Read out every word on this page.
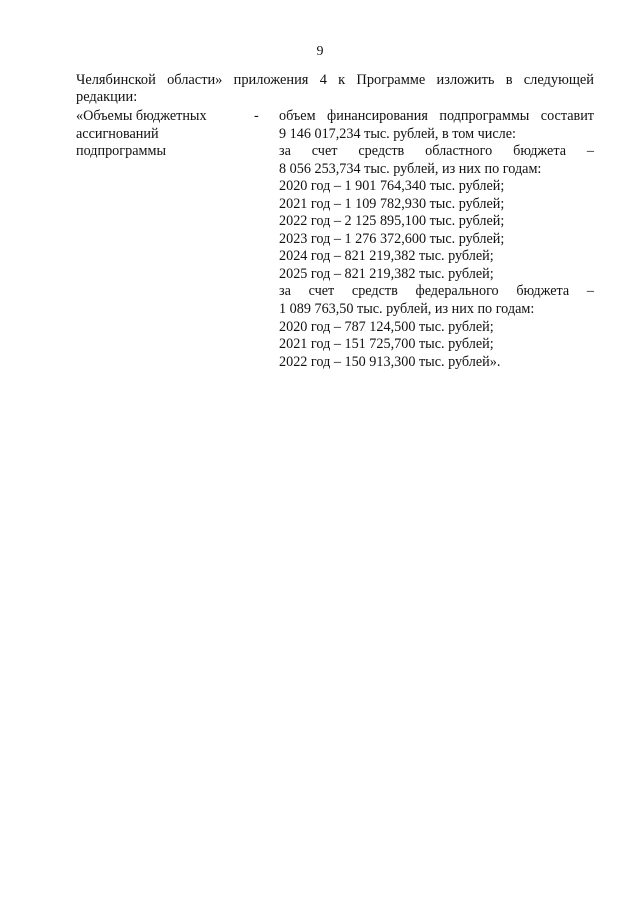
9
Челябинской области» приложения 4 к Программе изложить в следующей
редакции:
«Объемы бюджетных
ассигнований
подпрограммы
-	объем финансирования подпрограммы составит
9 146 017,234 тыс. рублей, в том числе:
за счет средств областного бюджета –
8 056 253,734 тыс. рублей, из них по годам:
2020 год – 1 901 764,340 тыс. рублей;
2021 год – 1 109 782,930 тыс. рублей;
2022 год – 2 125 895,100 тыс. рублей;
2023 год – 1 276 372,600 тыс. рублей;
2024 год – 821 219,382 тыс. рублей;
2025 год – 821 219,382 тыс. рублей;
за счет средств федерального бюджета –
1 089 763,50 тыс. рублей, из них по годам:
2020 год – 787 124,500 тыс. рублей;
2021 год – 151 725,700 тыс. рублей;
2022 год – 150 913,300 тыс. рублей».
